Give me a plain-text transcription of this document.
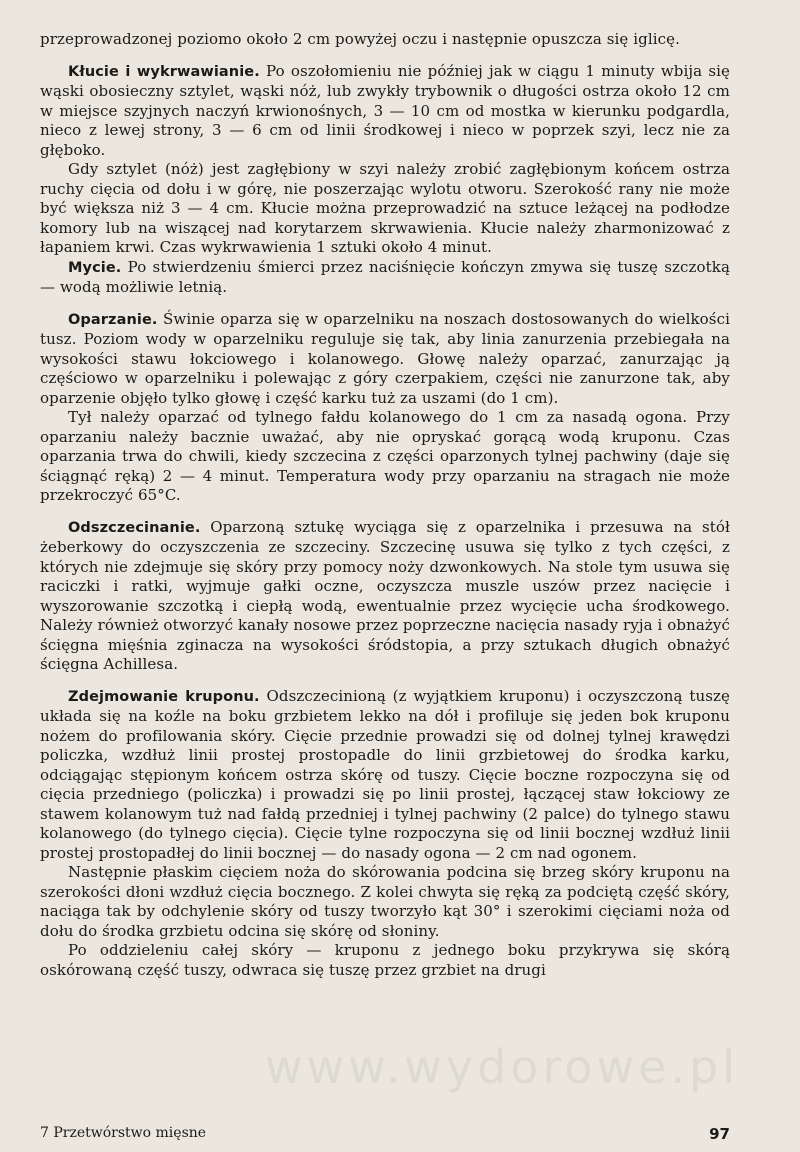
przeprowadzonej poziomo około 2 cm powyżej oczu i następnie opuszcza się iglicę.

Kłucie i wykrwawianie. Po oszołomieniu nie później jak w ciągu 1 minuty wbija się wąski obosieczny sztylet, wąski nóż, lub zwykły trybownik o długości ostrza około 12 cm w miejsce szyjnych naczyń krwionośnych, 3 — 10 cm od mostka w kierunku podgardla, nieco z lewej strony, 3 — 6 cm od linii środkowej i nieco w poprzek szyi, lecz nie za głęboko.

Gdy sztylet (nóż) jest zagłębiony w szyi należy zrobić zagłębionym końcem ostrza ruchy cięcia od dołu i w górę, nie poszerzając wylotu otworu. Szerokość rany nie może być większa niż 3 — 4 cm. Kłucie można przeprowadzić na sztuce leżącej na podłodze komory lub na wiszącej nad korytarzem skrwawienia. Kłucie należy zharmonizować z łapaniem krwi. Czas wykrwawienia 1 sztuki około 4 minut.

Mycie. Po stwierdzeniu śmierci przez naciśnięcie kończyn zmywa się tuszę szczotką — wodą możliwie letnią.

Oparzanie. Świnie oparza się w oparzelniku na noszach dostosowanych do wielkości tusz. Poziom wody w oparzelniku reguluje się tak, aby linia zanurzenia przebiegała na wysokości stawu łokciowego i kolanowego. Głowę należy oparzać, zanurzając ją częściowo w oparzelniku i polewając z góry czerpakiem, części nie zanurzone tak, aby oparzenie objęło tylko głowę i część karku tuż za uszami (do 1 cm).

Tył należy oparzać od tylnego fałdu kolanowego do 1 cm za nasadą ogona. Przy oparzaniu należy bacznie uważać, aby nie opryskać gorącą wodą kruponu. Czas oparzania trwa do chwili, kiedy szczecina z części oparzonych tylnej pachwiny (daje się ściągnąć ręką) 2 — 4 minut. Temperatura wody przy oparzaniu na stragach nie może przekroczyć 65°C.

Odszczecinanie. Oparzoną sztukę wyciąga się z oparzelnika i przesuwa na stół żeberkowy do oczyszczenia ze szczeciny. Szczecinę usuwa się tylko z tych części, z których nie zdejmuje się skóry przy pomocy noży dzwonkowych. Na stole tym usuwa się raciczki i ratki, wyjmuje gałki oczne, oczyszcza muszle uszów przez nacięcie i wyszorowanie szczotką i ciepłą wodą, ewentualnie przez wycięcie ucha środkowego. Należy również otworzyć kanały nosowe przez poprzeczne nacięcia nasady ryja i obnażyć ścięgna mięśnia zginacza na wysokości śródstopia, a przy sztukach długich obnażyć ścięgna Achillesa.

Zdejmowanie kruponu. Odszczecinioną (z wyjątkiem kruponu) i oczyszczoną tuszę układa się na koźle na boku grzbietem lekko na dół i profiluje się jeden bok kruponu nożem do profilowania skóry. Cięcie przednie prowadzi się od dolnej tylnej krawędzi policzka, wzdłuż linii prostej prostopadle do linii grzbietowej do środka karku, odciągając stępionym końcem ostrza skórę od tuszy. Cięcie boczne rozpoczyna się od cięcia przedniego (policzka) i prowadzi się po linii prostej, łączącej staw łokciowy ze stawem kolanowym tuż nad fałdą przedniej i tylnej pachwiny (2 palce) do tylnego stawu kolanowego (do tylnego cięcia). Cięcie tylne rozpoczyna się od linii bocznej wzdłuż linii prostej prostopadłej do linii bocznej — do nasady ogona — 2 cm nad ogonem.

Następnie płaskim cięciem noża do skórowania podcina się brzeg skóry kruponu na szerokości dłoni wzdłuż cięcia bocznego. Z kolei chwyta się ręką za podciętą część skóry, naciąga tak by odchylenie skóry od tuszy tworzyło kąt 30° i szerokimi cięciami noża od dołu do środka grzbietu odcina się skórę od słoniny.

Po oddzieleniu całej skóry — kruponu z jednego boku przykrywa się skórą oskórowaną część tuszy, odwraca się tuszę przez grzbiet na drugi

www.wydorowe.pl
7 Przetwórstwo mięsne	97
